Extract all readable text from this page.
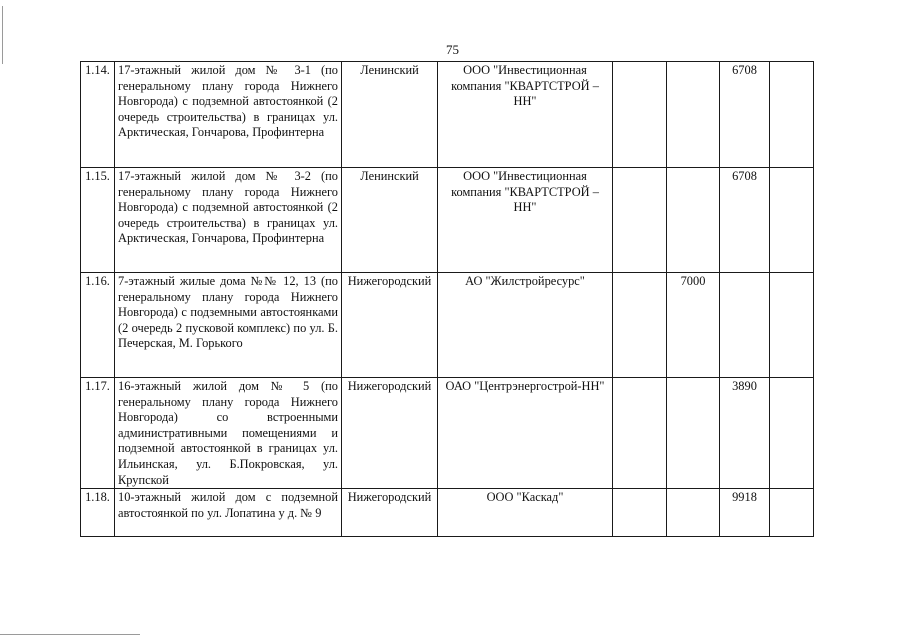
75
1.14.	17-этажный жилой дом № 3-1 (по генеральному плану города Нижнего Новгорода) с подземной автостоянкой (2 очередь строительства) в границах ул. Арктическая, Гончарова, Профинтерна	Ленинский	ООО "Инвестиционная компания "КВАРТСТРОЙ – НН"			6708	
1.15.	17-этажный жилой дом № 3-2 (по генеральному плану города Нижнего Новгорода) с подземной автостоянкой (2 очередь строительства) в границах ул. Арктическая, Гончарова, Профинтерна	Ленинский	ООО "Инвестиционная компания "КВАРТСТРОЙ – НН"			6708	
1.16.	7-этажный жилые дома №№ 12, 13 (по генеральному плану города Нижнего Новгорода) с подземными автостоянками (2 очередь 2 пусковой комплекс) по ул. Б. Печерская, М. Горького	Нижегородский	АО "Жилстройресурс"		7000		
1.17.	16-этажный жилой дом № 5 (по генеральному плану города Нижнего Новгорода) со встроенными административными помещениями и подземной автостоянкой в границах ул. Ильинская, ул. Б.Покровская, ул. Крупской	Нижегородский	ОАО "Центрэнергострой-НН"			3890	
1.18.	10-этажный жилой дом с подземной автостоянкой по ул. Лопатина у д. № 9	Нижегородский	ООО "Каскад"			9918	
